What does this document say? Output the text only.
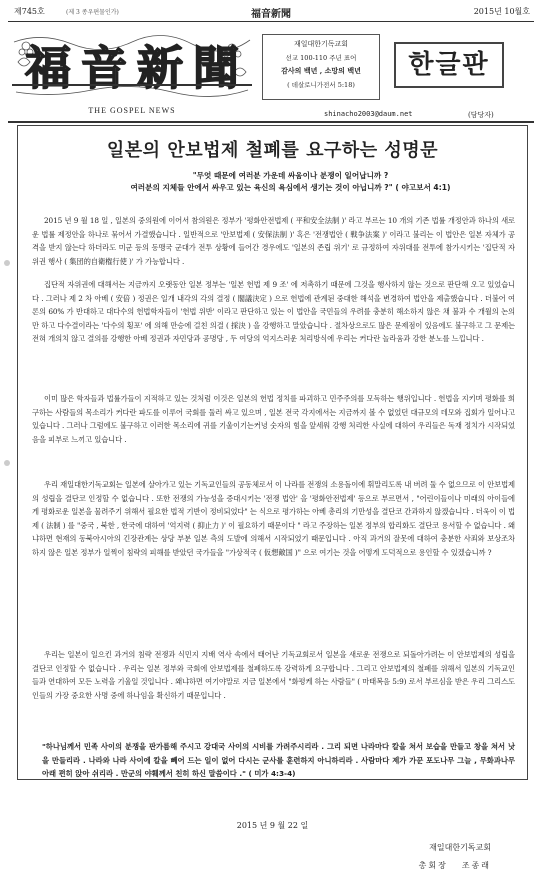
제745호	(제 3 종우편물인가)	福音新聞	2015년 10월호
福 音 新 聞
THE GOSPEL NEWS
재일대한기독교회
선교 100-110 주년 표어
감사의 백년 , 소망의 백년
( 데살로니가전서 5:18)
한글판
shinacho2003@daum.net	(담당자)
일본의 안보법제 철폐를 요구하는 성명문
"무엇 때문에 여러분 가운데 싸움이나 분쟁이 일어납니까 ?
여러분의 지체들 안에서 싸우고 있는 육신의 욕심에서 생기는 것이 아닙니까 ?" ( 야고보서 4:1)

2015 년 9 월 18 일 , 일본의 중의원에 이어서 참의원은 정부가 '평화안전법제 ( 平和安全法制 )' 라고 부르는 10 개의 기존 법률 개정안과 하나의 새로운 법률 제정안을 하나로 묶어서 가결했습니다 . 일반적으로 '안보법제 ( 安保法制 )' 혹은 '전쟁법안 ( 戦争法案 )' 이라고 불리는 이 법안은 일본 자체가 공격을 받지 않는다 하더라도 미군 등의 동맹국 군대가 전투 상황에 들어간 경우에도 '일본의 존립 위기' 로 규정하여 자위대를 전투에 참가시키는 '집단적 자위권 행사 ( 集団的自衛権行使 )' 가 가능합니다 .

집단적 자위권에 대해서는 지금까지 오랫동안 일본 정부는 '일본 헌법 제 9 조' 에 저촉하기 때문에 그것을 행사하지 않는 것으로 판단해 오고 있었습니다 . 그러나 제 2 차 아베 ( 安倍 ) 정권은 일개 내각의 각의 결정 ( 閣議決定 ) 으로 헌법에 관계된 중대한 해석을 변경하여 법안을 제출했습니다 . 더불어 여론의 60% 가 반대하고 대다수의 헌법학자들이 '헌법 위반' 이라고 판단하고 있는 이 법안을 국민들의 우려를 충분히 해소하지 않은 채 불과 수 개월의 논의만 하고 다수결이라는 '다수의 횡포' 에 의해 만승에 걸친 의결 ( 採決 ) 을 강행하고 말았습니다 . 절차상으로도 많은 문제점이 있음에도 불구하고 그 문제는 전혀 개의치 않고 결의를 강행한 아베 정권과 자민당과 공명당 , 두 여당의 억지스러운 처리방식에 우리는 커다란 놀라움과 강한 분노를 느낍니다 .

이미 많은 학자들과 법률가들이 지적하고 있는 것처럼 이것은 일본의 헌법 정치를 파괴하고 민주주의를 모독하는 행위입니다 . 헌법을 지키며 평화를 희구하는 사람들의 목소리가 커다란 파도를 이루어 국회를 둘러 싸고 있으며 , 일본 전국 각지에서는 지금까지 볼 수 없었던 대규모의 데모와 집회가 일어나고 있습니다 . 그러나 그럼에도 불구하고 이러한 목소리에 귀를 기울이기는커녕 숫자의 힘을 앞세워 강행 처리한 사실에 대하여 우리들은 독재 정치가 시작되었음을 피부로 느끼고 있습니다 .

우리 재일대한기독교회는 일본에 살아가고 있는 기독교인들의 공동체로서 이 나라를 전쟁의 소용돌이에 휘말리도록 내 버려 둘 수 없으므로 이 안보법제의 성립을 결단코 인정할 수 없습니다 . 또한 전쟁의 가능성을 증대시키는 '전쟁 법안' 을 '평화안전법제' 등으로 부르면서 , "어린이들이나 미래의 아이들에게 평화로운 일본을 물려주기 위해서 필요한 법적 기반이 정비되었다" 는 식으로 평가하는 아베 총리의 기만성을 결단코 간과하지 않겠습니다 . 더욱이 이 법제 ( 法制 ) 를 "중국 , 북한 , 한국에 대하여 '억지력 ( 抑止力 )' 이 필요하기 때문이다 " 라고 주장하는 일본 정부의 합리화도 결단코 용서할 수 없습니다 . 왜냐하면 현재의 동북아시아의 긴장관계는 상당 부분 일본 측의 도발에 의해서 시작되었기 때문입니다 . 아직 과거의 잘못에 대하여 충분한 사죄와 보상조차 하지 않은 일본 정부가 일찍이 침략의 피해를 받았던 국가들을 "가상적국 ( 仮想敵国 )" 으로 여기는 것을 어떻게 도덕적으로 용인할 수 있겠습니까 ?

우리는 일본이 일으킨 과거의 침략 전쟁과 식민지 지배 역사 속에서 태어난 기독교회로서 일본을 새로운 전쟁으로 되돌아가려는 이 안보법제의 성립을 결단코 인정할 수 없습니다 . 우리는 일본 정부와 국회에 안보법제를 철폐하도록 강력하게 요구합니다 . 그리고 안보법제의 철폐를 위해서 일본의 기독교인들과 연대하여 모든 노력을 기울일 것입니다 . 왜냐하면 여기야말로 지금 일본에서 "화평케 하는 사람들" ( 마태복음 5:9) 로서 부르심을 받은 우리 그리스도인들의 가장 중요한 사명 중에 하나임을 확신하기 때문입니다 .

"하나님께서 민족 사이의 분쟁을 판가름해 주시고 강대국 사이의 시비를 가려주시리라 . 그리 되면 나라마다 칼을 쳐서 보습을 만들고 창을 쳐서 낫을 만들리라 . 나라와 나라 사이에 칼을 빼어 드는 일이 없어 다시는 군사를 훈련하지 아니하리라 . 사람마다 제가 가꾼 포도나무 그늘 , 무화과나무 아래 편히 앉아 쉬리라 . 만군의 야훼께서 친히 하신 말씀이다 ." ( 미가 4:3-4)
2015 년 9 월 22 일
재일대한기독교회
총회장 조종래
